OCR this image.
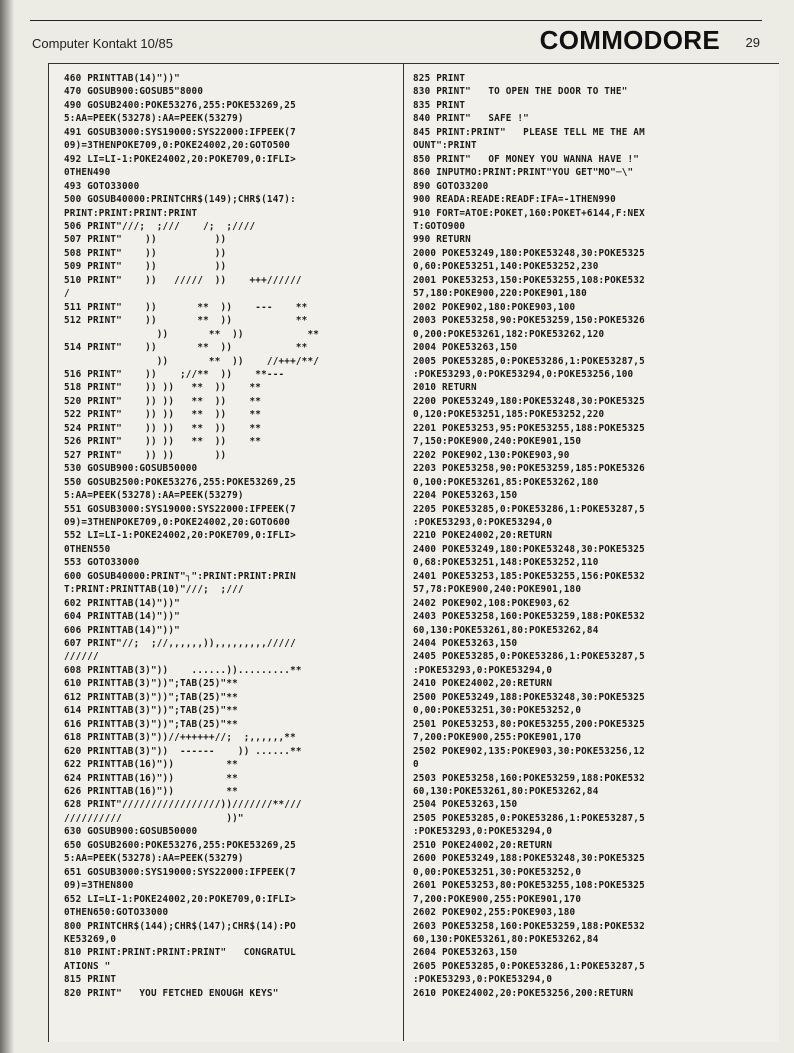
Computer Kontakt 10/85	COMMODORE 29
460 PRINTTAB(14)"))"
470 GOSUB900:GOSUB5"8000
490 GOSUB2400:POKE53276,255:POKE53269,25
5:AA=PEEK(53278):AA=PEEK(53279)
491 GOSUB3000:SYS19000:SYS22000:IFPEEK(7
09)=3THENPOKE709,0:POKE24002,20:GOTO500
492 LI=LI-1:POKE24002,20:POKE709,0:IFLI>
0THEN490
493 GOTO33000
500 GOSUB40000:PRINTCHR$(149);CHR$(147):
PRINT:PRINT:PRINT:PRINT
506 PRINT"///;  ;///    /;  ;////
507 PRINT"    ))          ))
508 PRINT"    ))          ))
509 PRINT"    ))          ))
510 PRINT"    ))   /////  ))    +++//////
/
511 PRINT"    ))       **  ))    ---    **
512 PRINT"    ))       **  ))           **
))       **  ))           **
514 PRINT"    ))       **  ))           **
))       **  ))    //+++/**/
516 PRINT"    ))    ;//**  ))    **---
518 PRINT"    )) ))   **  ))    **
520 PRINT"    )) ))   **  ))    **
522 PRINT"    )) ))   **  ))    **
524 PRINT"    )) ))   **  ))    **
526 PRINT"    )) ))   **  ))    **
527 PRINT"    )) ))       ))
530 GOSUB900:GOSUB50000
550 GOSUB2500:POKE53276,255:POKE53269,25
5:AA=PEEK(53278):AA=PEEK(53279)
551 GOSUB3000:SYS19000:SYS22000:IFPEEK(7
09)=3THENPOKE709,0:POKE24002,20:GOTO600
552 LI=LI-1:POKE24002,20:POKE709,0:IFLI>
0THEN550
553 GOTO33000
600 GOSUB40000:PRINT"┐":PRINT:PRINT:PRIN
T:PRINT:PRINTTAB(10)"///;  ;///
602 PRINTTAB(14)"))"
604 PRINTTAB(14)"))"
606 PRINTTAB(14)"))"
607 PRINT"//;  ;//,,,,,,)),,,,,,,,,/////
//////
608 PRINTTAB(3)"))    ......)).........**
610 PRINTTAB(3)"))";TAB(25)"**
612 PRINTTAB(3)"))";TAB(25)"**
614 PRINTTAB(3)"))";TAB(25)"**
616 PRINTTAB(3)"))";TAB(25)"**
618 PRINTTAB(3)"))//++++++//;  ;,,,,,,**
620 PRINTTAB(3)"))  ------    )) ......**
622 PRINTTAB(16)"))         **
624 PRINTTAB(16)"))         **
626 PRINTTAB(16)"))         **
628 PRINT"/////////////////))///////**///
//////////                  ))"
630 GOSUB900:GOSUB50000
650 GOSUB2600:POKE53276,255:POKE53269,25
5:AA=PEEK(53278):AA=PEEK(53279)
651 GOSUB3000:SYS19000:SYS22000:IFPEEK(7
09)=3THEN800
652 LI=LI-1:POKE24002,20:POKE709,0:IFLI>
0THEN650:GOTO33000
800 PRINTCHR$(144);CHR$(147);CHR$(14):PO
KE53269,0
810 PRINT:PRINT:PRINT:PRINT"   CONGRATUL
ATIONS "
815 PRINT
820 PRINT"   YOU FETCHED ENOUGH KEYS"

825 PRINT
830 PRINT"   TO OPEN THE DOOR TO THE"
835 PRINT
840 PRINT"   SAFE !"
845 PRINT:PRINT"   PLEASE TELL ME THE AM
OUNT":PRINT
850 PRINT"   OF MONEY YOU WANNA HAVE !"
860 INPUTMO:PRINT:PRINT"YOU GET"MO"─\"
890 GOTO33200
900 READA:READE:READF:IFA=-1THEN990
910 FORT=ATOE:POKET,160:POKET+6144,F:NEX
T:GOTO900
990 RETURN
2000 POKE53249,180:POKE53248,30:POKE5325
0,60:POKE53251,140:POKE53252,230
2001 POKE53253,150:POKE53255,108:POKE532
57,180:POKE900,220:POKE901,180
2002 POKE902,180:POKE903,100
2003 POKE53258,90:POKE53259,150:POKE5326
0,200:POKE53261,182:POKE53262,120
2004 POKE53263,150
2005 POKE53285,0:POKE53286,1:POKE53287,5
:POKE53293,0:POKE53294,0:POKE53256,100
2010 RETURN
2200 POKE53249,180:POKE53248,30:POKE5325
0,120:POKE53251,185:POKE53252,220
2201 POKE53253,95:POKE53255,188:POKE5325
7,150:POKE900,240:POKE901,150
2202 POKE902,130:POKE903,90
2203 POKE53258,90:POKE53259,185:POKE5326
0,100:POKE53261,85:POKE53262,180
2204 POKE53263,150
2205 POKE53285,0:POKE53286,1:POKE53287,5
:POKE53293,0:POKE53294,0
2210 POKE24002,20:RETURN
2400 POKE53249,180:POKE53248,30:POKE5325
0,68:POKE53251,148:POKE53252,110
2401 POKE53253,185:POKE53255,156:POKE532
57,78:POKE900,240:POKE901,180
2402 POKE902,108:POKE903,62
2403 POKE53258,160:POKE53259,188:POKE532
60,130:POKE53261,80:POKE53262,84
2404 POKE53263,150
2405 POKE53285,0:POKE53286,1:POKE53287,5
:POKE53293,0:POKE53294,0
2410 POKE24002,20:RETURN
2500 POKE53249,188:POKE53248,30:POKE5325
0,00:POKE53251,30:POKE53252,0
2501 POKE53253,80:POKE53255,200:POKE5325
7,200:POKE900,255:POKE901,170
2502 POKE902,135:POKE903,30:POKE53256,12
0
2503 POKE53258,160:POKE53259,188:POKE532
60,130:POKE53261,80:POKE53262,84
2504 POKE53263,150
2505 POKE53285,0:POKE53286,1:POKE53287,5
:POKE53293,0:POKE53294,0
2510 POKE24002,20:RETURN
2600 POKE53249,188:POKE53248,30:POKE5325
0,00:POKE53251,30:POKE53252,0
2601 POKE53253,80:POKE53255,108:POKE5325
7,200:POKE900,255:POKE901,170
2602 POKE902,255:POKE903,180
2603 POKE53258,160:POKE53259,188:POKE532
60,130:POKE53261,80:POKE53262,84
2604 POKE53263,150
2605 POKE53285,0:POKE53286,1:POKE53287,5
:POKE53293,0:POKE53294,0
2610 POKE24002,20:POKE53256,200:RETURN
